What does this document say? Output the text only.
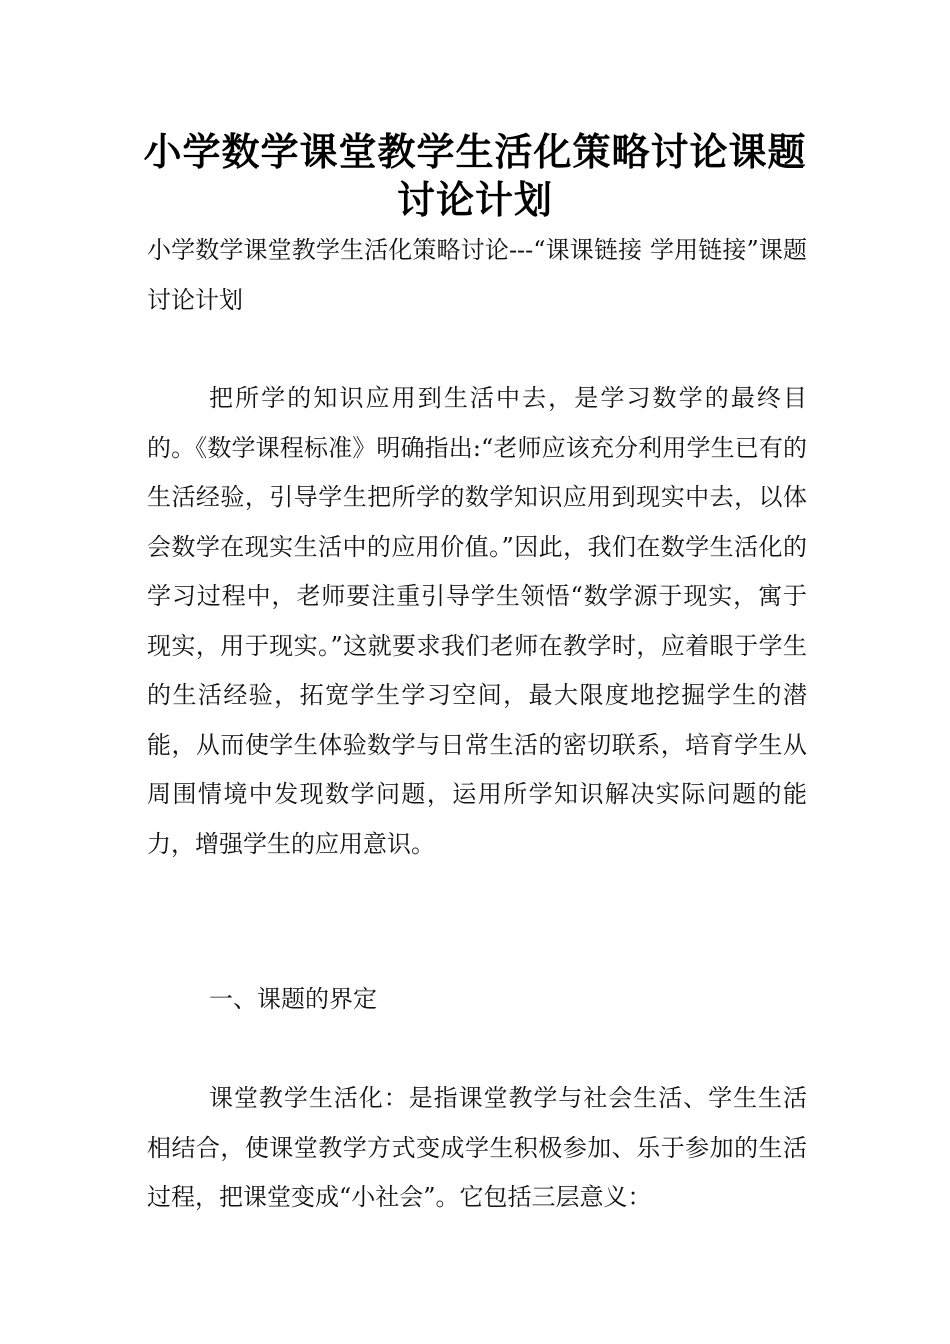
小学数学课堂教学生活化策略讨论课题
讨论计划

小学数学课堂教学生活化策略讨论---“课课链接 学用链接”课题讨论计划

把所学的知识应用到生活中去，是学习数学的最终目的。《数学课程标准》明确指出:“老师应该充分利用学生已有的生活经验，引导学生把所学的数学知识应用到现实中去，以体会数学在现实生活中的应用价值。”因此，我们在数学生活化的学习过程中，老师要注重引导学生领悟“数学源于现实，寓于现实，用于现实。”这就要求我们老师在教学时，应着眼于学生的生活经验，拓宽学生学习空间，最大限度地挖掘学生的潜能，从而使学生体验数学与日常生活的密切联系，培育学生从周围情境中发现数学问题，运用所学知识解决实际问题的能力，增强学生的应用意识。

一、课题的界定

课堂教学生活化：是指课堂教学与社会生活、学生生活相结合，使课堂教学方式变成学生积极参加、乐于参加的生活过程，把课堂变成“小社会”。它包括三层意义：
